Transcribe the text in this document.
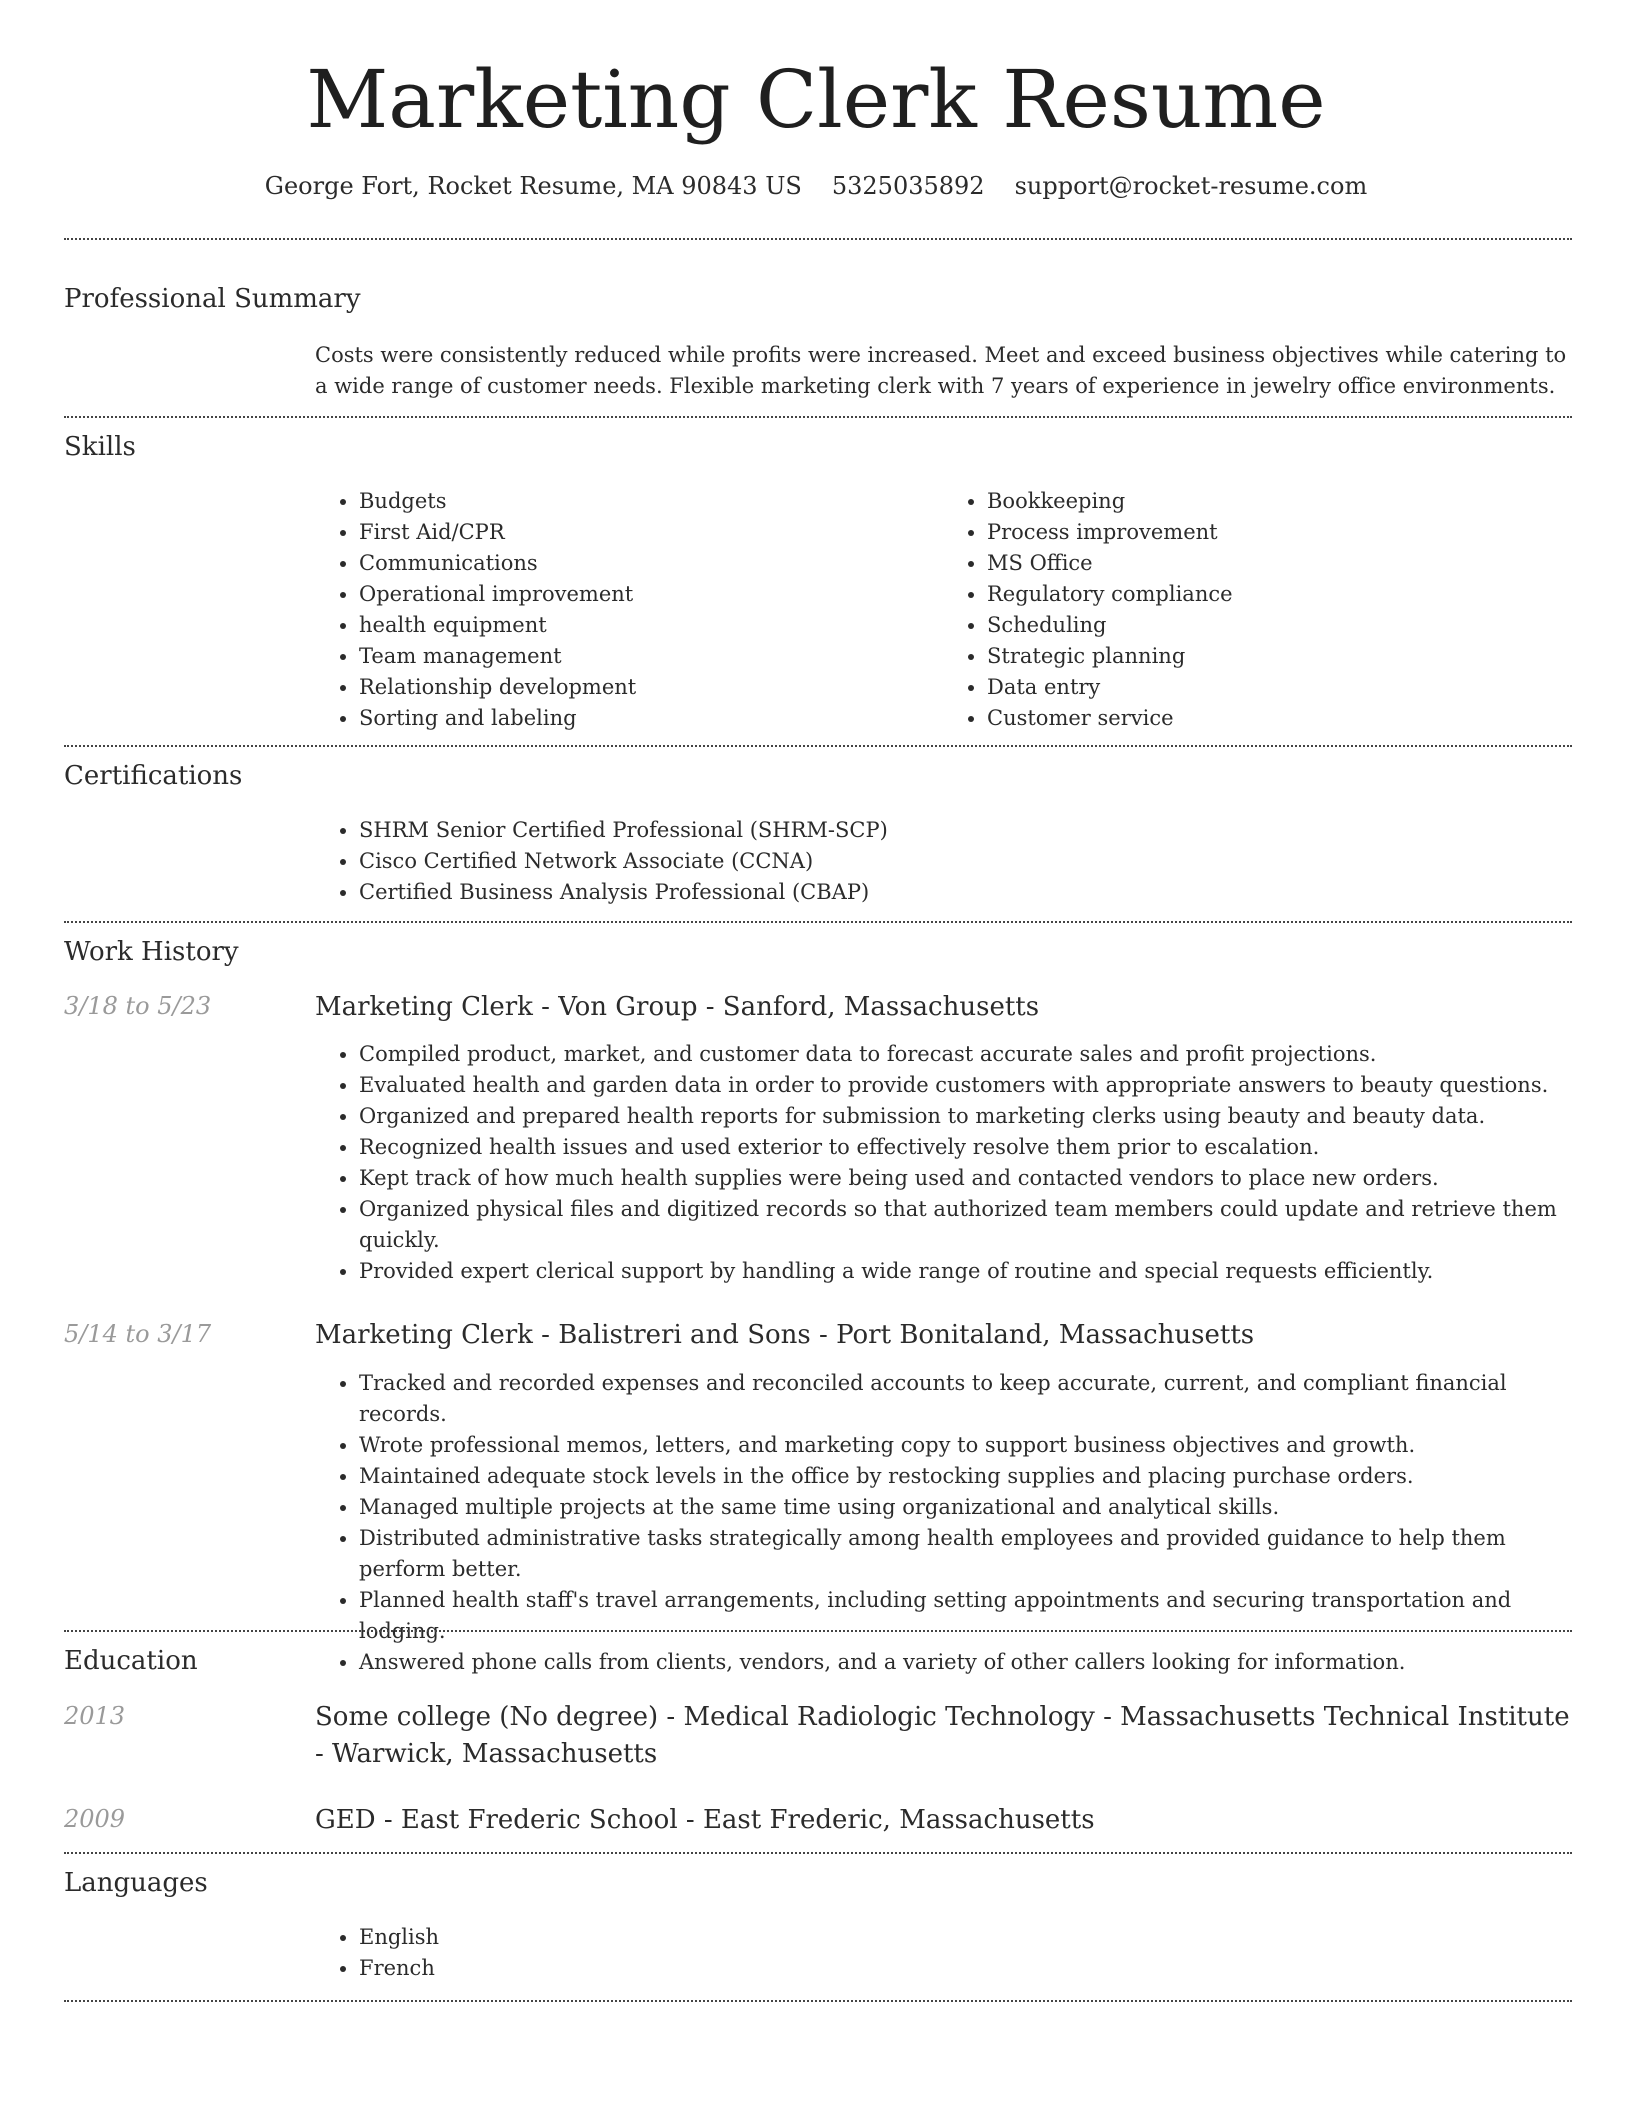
Marketing Clerk Resume
George Fort, Rocket Resume, MA 90843 US 5325035892 support@rocket-resume.com
Professional Summary

Costs were consistently reduced while profits were increased. Meet and exceed business objectives while catering to a wide range of customer needs. Flexible marketing clerk with 7 years of experience in jewelry office environments.

Skills
• Budgets
• First Aid/CPR
• Communications
• Operational improvement
• health equipment
• Team management
• Relationship development
• Sorting and labeling
• Bookkeeping
• Process improvement
• MS Office
• Regulatory compliance
• Scheduling
• Strategic planning
• Data entry
• Customer service
Certifications
• SHRM Senior Certified Professional (SHRM-SCP)
• Cisco Certified Network Associate (CCNA)
• Certified Business Analysis Professional (CBAP)
Work History
3/18 to 5/23	Marketing Clerk - Von Group - Sanford, Massachusetts
• Compiled product, market, and customer data to forecast accurate sales and profit projections.
• Evaluated health and garden data in order to provide customers with appropriate answers to beauty questions.
• Organized and prepared health reports for submission to marketing clerks using beauty and beauty data.
• Recognized health issues and used exterior to effectively resolve them prior to escalation.
• Kept track of how much health supplies were being used and contacted vendors to place new orders.
• Organized physical files and digitized records so that authorized team members could update and retrieve them quickly.
• Provided expert clerical support by handling a wide range of routine and special requests efficiently.
5/14 to 3/17	Marketing Clerk - Balistreri and Sons - Port Bonitaland, Massachusetts
• Tracked and recorded expenses and reconciled accounts to keep accurate, current, and compliant financial records.
• Wrote professional memos, letters, and marketing copy to support business objectives and growth.
• Maintained adequate stock levels in the office by restocking supplies and placing purchase orders.
• Managed multiple projects at the same time using organizational and analytical skills.
• Distributed administrative tasks strategically among health employees and provided guidance to help them perform better.
• Planned health staff's travel arrangements, including setting appointments and securing transportation and lodging.
• Answered phone calls from clients, vendors, and a variety of other callers looking for information.
Education
2013	Some college (No degree) - Medical Radiologic Technology - Massachusetts Technical Institute - Warwick, Massachusetts
2009	GED - East Frederic School - East Frederic, Massachusetts
Languages
• English
• French
